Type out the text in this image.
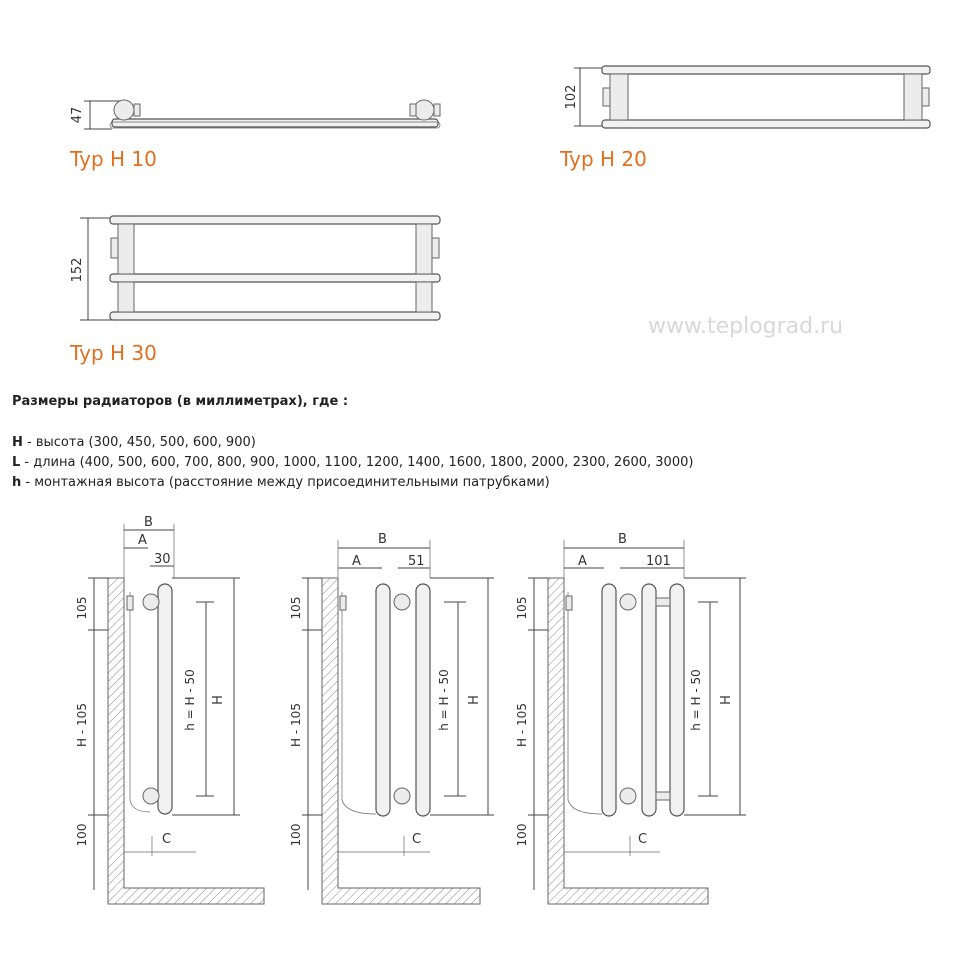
47
Typ H 10
102
Typ H 20
152
Typ H 30
www.teplograd.ru
105
H - 105
100
B
A
30
h = H - 50 H
C
105
H - 105
100
B
A	51
h = H - 50 H
C
105
H - 105
100
B
A	101
h = H - 50 H
C
Размеры радиаторов (в миллиметрах), где :
H - высота (300, 450, 500, 600, 900)
L - длина (400, 500, 600, 700, 800, 900, 1000, 1100, 1200, 1400, 1600, 1800, 2000, 2300, 2600, 3000)
h - монтажная высота (расстояние между присоединительными патрубками)
